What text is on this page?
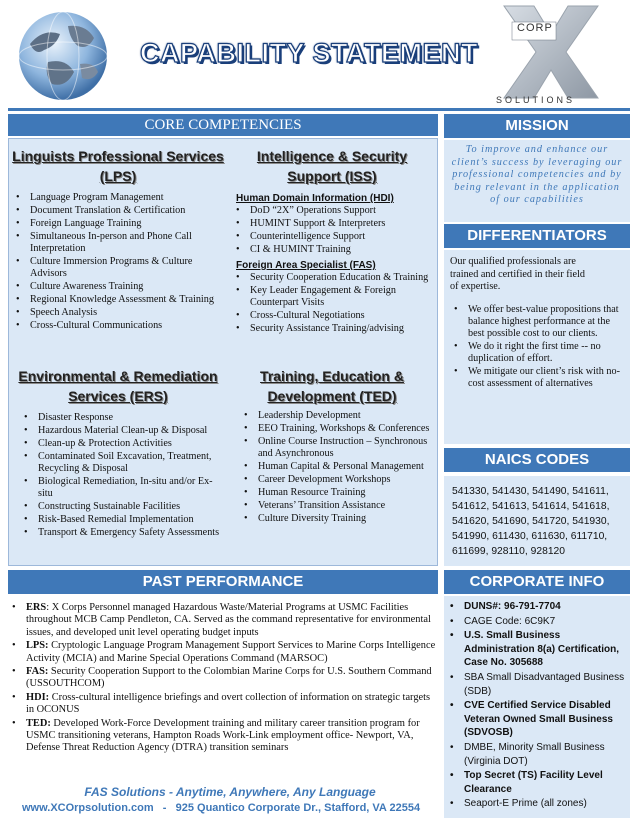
CAPABILITY STATEMENT
CORP
SOLUTIONS
CORE COMPETENCIES
Linguists Professional Services
(LPS)
• Language Program Management
• Document Translation & Certification
• Foreign Language Training
• Simultaneous In-person and Phone Call Interpretation
• Culture Immersion Programs & Culture Advisors
• Culture Awareness Training
• Regional Knowledge Assessment & Training
• Speech Analysis
• Cross-Cultural Communications
Intelligence & Security
Support (ISS)
Human Domain Information (HDI)
• DoD “2X” Operations Support
• HUMINT Support & Interpreters
• Counterintelligence Support
• CI & HUMINT Training
Foreign Area Specialist (FAS)
• Security Cooperation Education & Training
• Key Leader Engagement & Foreign Counterpart Visits
• Cross-Cultural Negotiations
• Security Assistance Training/advising
Environmental & Remediation
Services (ERS)
• Disaster Response
• Hazardous Material Clean-up & Disposal
• Clean-up & Protection Activities
• Contaminated Soil Excavation, Treatment, Recycling & Disposal
• Biological Remediation, In-situ and/or Ex-situ
• Constructing Sustainable Facilities
• Risk-Based Remedial Implementation
• Transport & Emergency Safety Assessments
Training, Education &
Development (TED)
• Leadership Development
• EEO Training, Workshops & Conferences
• Online Course Instruction – Synchronous and Asynchronous
• Human Capital & Personal Management
• Career Development Workshops
• Human Resource Training
• Veterans’ Transition Assistance
• Culture Diversity Training
MISSION
To improve and enhance our client’s success by leveraging our professional competencies and by being relevant in the application of our capabilities
DIFFERENTIATORS
Our qualified professionals are trained and certified in their field of expertise.
• We offer best-value propositions that balance highest performance at the best possible cost to our clients.
• We do it right the first time -- no duplication of effort.
• We mitigate our client’s risk with no-cost assessment of alternatives
NAICS CODES
541330, 541430, 541490, 541611,
541612, 541613, 541614, 541618,
541620, 541690, 541720, 541930,
541990, 611430, 611630, 611710,
611699, 928110, 928120
PAST PERFORMANCE
• ERS: X Corps Personnel managed Hazardous Waste/Material Programs at USMC Facilities throughout MCB Camp Pendleton, CA. Served as the command representative for environmental issues, and developed unit level operating budget inputs
• LPS: Cryptologic Language Program Management Support Services to Marine Corps Intelligence Activity (MCIA) and Marine Special Operations Command (MARSOC)
• FAS: Security Cooperation Support to the Colombian Marine Corps for U.S. Southern Command (USSOUTHCOM)
• HDI: Cross-cultural intelligence briefings and overt collection of information on strategic targets in OCONUS
• TED: Developed Work-Force Development training and military career transition program for USMC transitioning veterans, Hampton Roads Work-Link employment office- Newport, VA, Defense Threat Reduction Agency (DTRA) transition seminars
CORPORATE INFO
• DUNS#: 96-791-7704
• CAGE Code: 6C9K7
• U.S. Small Business Administration 8(a) Certification, Case No. 305688
• SBA Small Disadvantaged Business (SDB)
• CVE Certified Service Disabled Veteran Owned Small Business (SDVOSB)
• DMBE, Minority Small Business (Virginia DOT)
• Top Secret (TS) Facility Level Clearance
• Seaport-E Prime (all zones)
FAS Solutions - Anytime, Anywhere, Any Language
www.XCOrpsolution.com   -   925 Quantico Corporate Dr., Stafford, VA 22554
